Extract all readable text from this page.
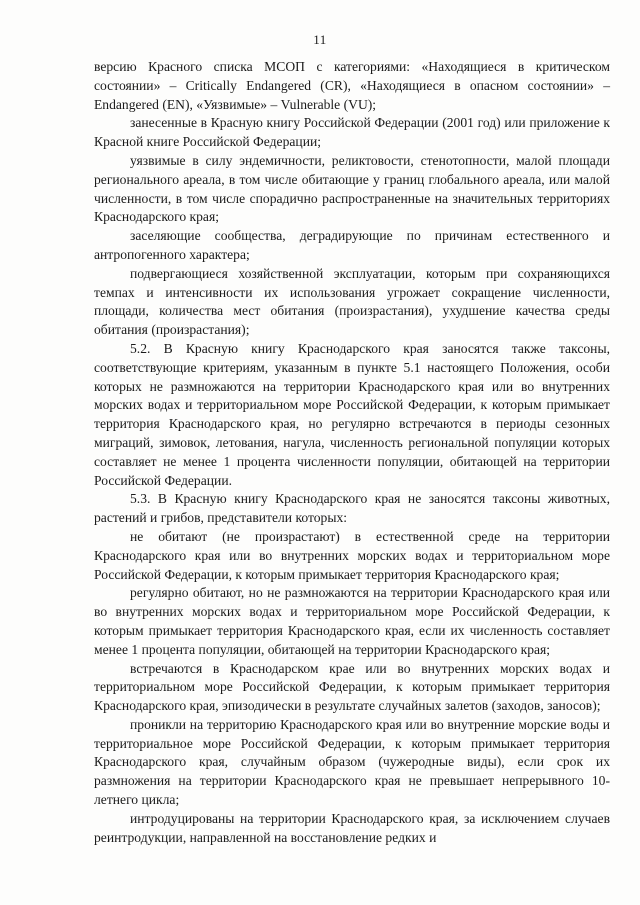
11

версию Красного списка МСОП с категориями: «Находящиеся в критическом состоянии» – Critically Endangered (CR), «Находящиеся в опасном состоянии» – Endangered (EN), «Уязвимые» – Vulnerable (VU);

занесенные в Красную книгу Российской Федерации (2001 год) или приложение к Красной книге Российской Федерации;

уязвимые в силу эндемичности, реликтовости, стенотопности, малой площади регионального ареала, в том числе обитающие у границ глобального ареала, или малой численности, в том числе спорадично распространенные на значительных территориях Краснодарского края;

заселяющие сообщества, деградирующие по причинам естественного и антропогенного характера;

подвергающиеся хозяйственной эксплуатации, которым при сохраняющихся темпах и интенсивности их использования угрожает сокращение численности, площади, количества мест обитания (произрастания), ухудшение качества среды обитания (произрастания);

5.2. В Красную книгу Краснодарского края заносятся также таксоны, соответствующие критериям, указанным в пункте 5.1 настоящего Положения, особи которых не размножаются на территории Краснодарского края или во внутренних морских водах и территориальном море Российской Федерации, к которым примыкает территория Краснодарского края, но регулярно встречаются в периоды сезонных миграций, зимовок, летования, нагула, численность региональной популяции которых составляет не менее 1 процента численности популяции, обитающей на территории Российской Федерации.

5.3. В Красную книгу Краснодарского края не заносятся таксоны животных, растений и грибов, представители которых:

не обитают (не произрастают) в естественной среде на территории Краснодарского края или во внутренних морских водах и территориальном море Российской Федерации, к которым примыкает территория Краснодарского края;

регулярно обитают, но не размножаются на территории Краснодарского края или во внутренних морских водах и территориальном море Российской Федерации, к которым примыкает территория Краснодарского края, если их численность составляет менее 1 процента популяции, обитающей на территории Краснодарского края;

встречаются в Краснодарском крае или во внутренних морских водах и территориальном море Российской Федерации, к которым примыкает территория Краснодарского края, эпизодически в результате случайных залетов (заходов, заносов);

проникли на территорию Краснодарского края или во внутренние морские воды и территориальное море Российской Федерации, к которым примыкает территория Краснодарского края, случайным образом (чужеродные виды), если срок их размножения на территории Краснодарского края не превышает непрерывного 10-летнего цикла;

интродуцированы на территории Краснодарского края, за исключением случаев реинтродукции, направленной на восстановление редких и
